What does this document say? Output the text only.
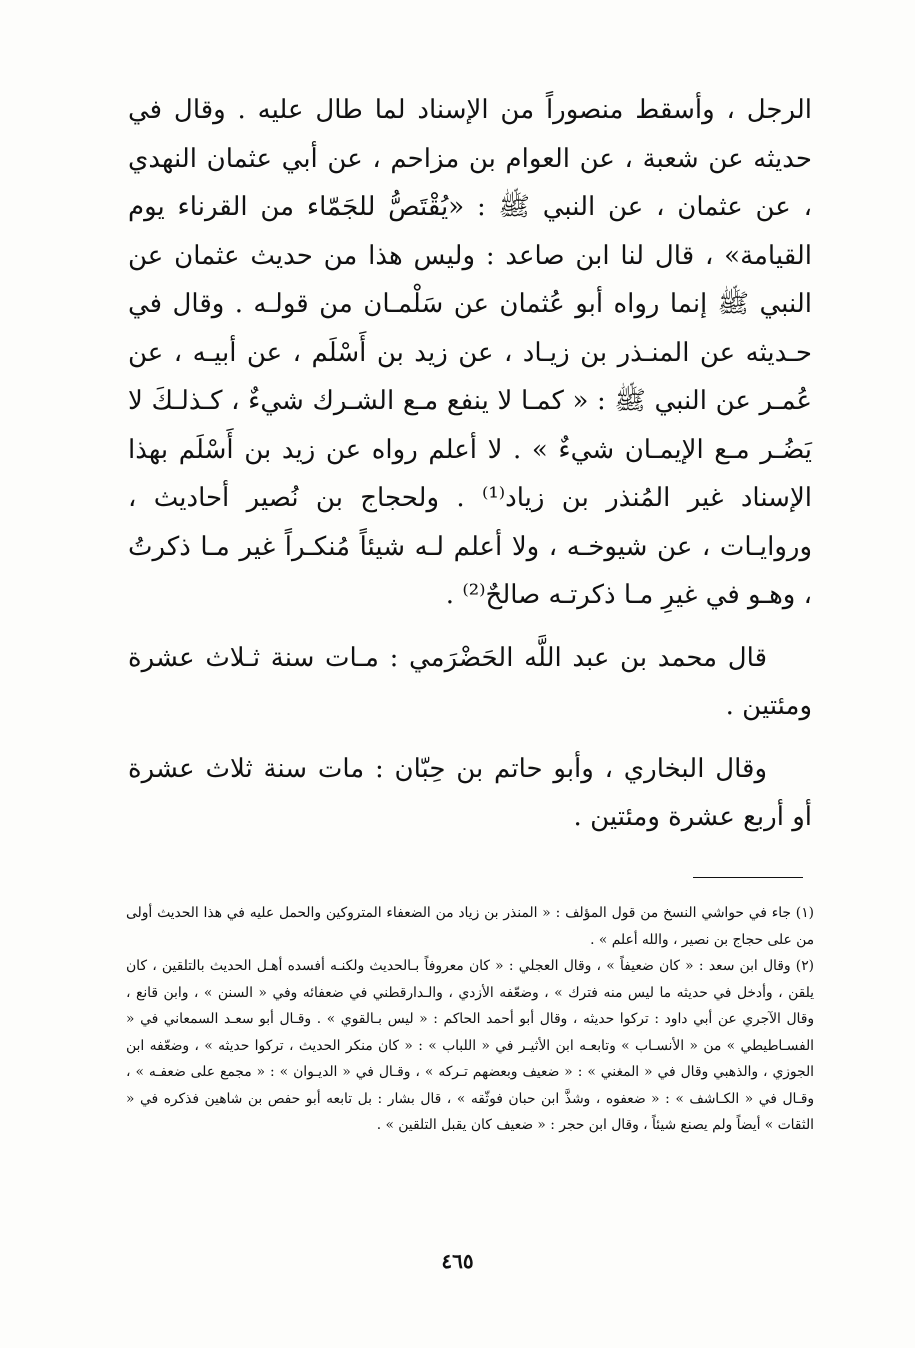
الرجل ، وأسقط منصوراً من الإسناد لما طال عليه . وقال في حديثه عن شعبة ، عن العوام بن مزاحم ، عن أبي عثمان النهدي ، عن عثمان ، عن النبي ﷺ : «يُقْتَصُّ للجَمّاء من القرناء يوم القيامة» ، قال لنا ابن صاعد : وليس هذا من حديث عثمان عن النبي ﷺ إنما رواه أبو عُثمان عن سَلْمـان من قولـه . وقال في حـديثه عن المنـذر بن زيـاد ، عن زيد بن أَسْلَم ، عن أبيـه ، عن عُمـر عن النبي ﷺ : « كمـا لا ينفع مـع الشـرك شيءٌ ، كـذلـكَ لا يَضُـر مـع الإيمـان شيءٌ » . لا أعلم رواه عن زيد بن أَسْلَم بهذا الإسناد غير المُنذر بن زياد⁽¹⁾ . ولحجاج بن نُصير أحاديث ، وروايـات ، عن شيوخـه ، ولا أعلم لـه شيئاً مُنكـراً غير مـا ذكرتُ ، وهـو في غيرِ مـا ذكرتـه صالحٌ⁽²⁾ .

قال محمد بن عبد اللَّه الحَضْرَمي : مـات سنة ثـلاث عشرة ومئتين .

وقال البخاري ، وأبو حاتم بن حِبّان : مات سنة ثلاث عشرة أو أربع عشرة ومئتين .

(١) جاء في حواشي النسخ من قول المؤلف : « المنذر بن زياد من الضعفاء المتروكين والحمل عليه في هذا الحديث أولى من على حجاج بن نصير ، والله أعلم » .

(٢) وقال ابن سعد : « كان ضعيفاً » ، وقال العجلي : « كان معروفاً بـالحديث ولكنـه أفسده أهـل الحديث بالتلقين ، كان يلقن ، وأدخل في حديثه ما ليس منه فترك » ، وضعّفه الأزدي ، والـدارقطني في ضعفائه وفي « السنن » ، وابن قانع ، وقال الآجري عن أبي داود : تركوا حديثه ، وقال أبو أحمد الحاكم : « ليس بـالقوي » . وقـال أبو سعـد السمعاني في « الفسـاطيطي » من « الأنسـاب » وتابعـه ابن الأثيـر في « اللباب » : « كان منكر الحديث ، تركوا حديثه » ، وضعّفه ابن الجوزي ، والذهبي وقال في « المغني » : « ضعيف وبعضهم تـركه » ، وقـال في « الديـوان » : « مجمع على ضعفـه » ، وقـال في « الكـاشف » : « ضعفوه ، وشذَّ ابن حبان فوثّقه » ، قال بشار : بل تابعه أبو حفص بن شاهين فذكره في « الثقات » أيضاً ولم يصنع شيئاً ، وقال ابن حجر : « ضعيف كان يقبل التلقين » .

٤٦٥
